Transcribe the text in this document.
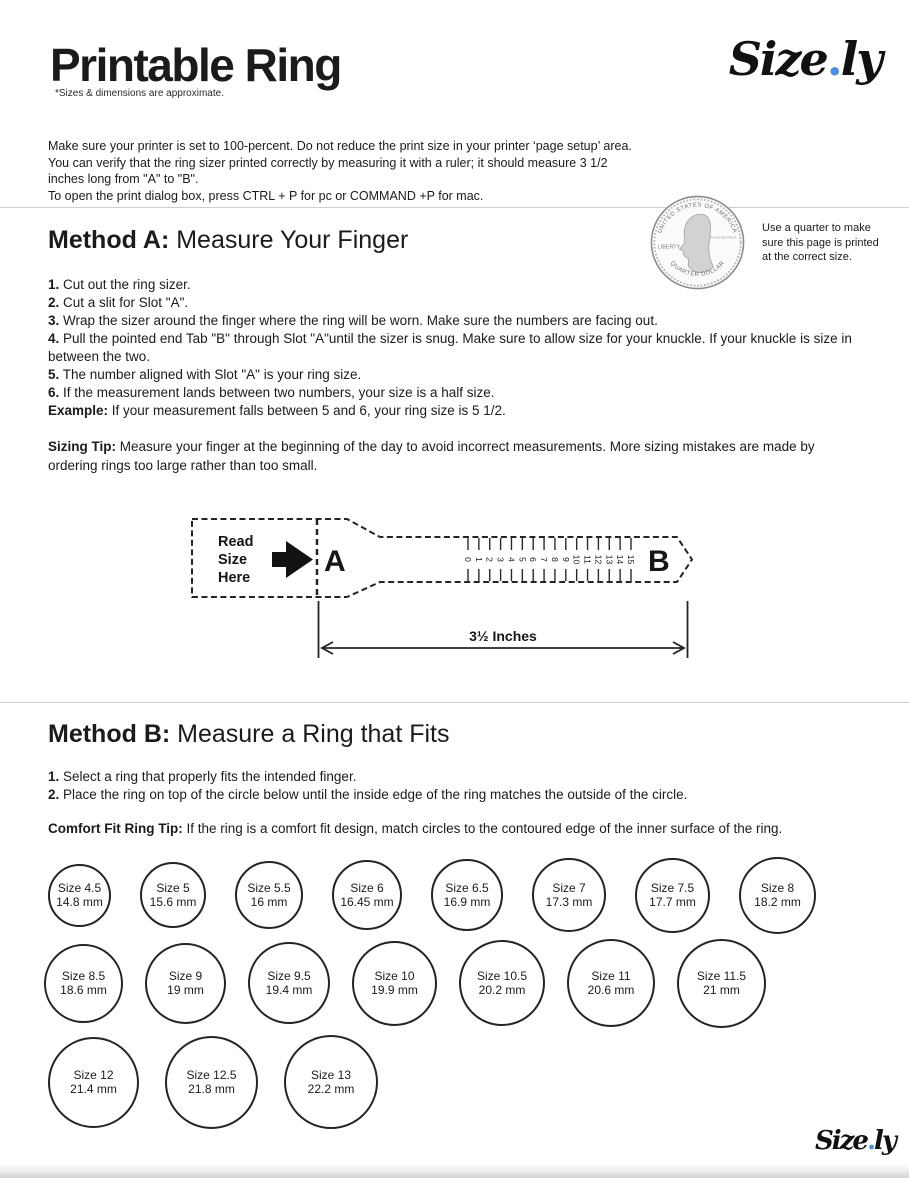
Printable Ring
*Sizes & dimensions are approximate.
Size.ly
Make sure your printer is set to 100-percent. Do not reduce the print size in your printer ‘page setup’ area. You can verify that the ring sizer printed correctly by measuring it with a ruler; it should measure 3 1/2 inches long from "A" to "B".
To open the print dialog box, press CTRL + P for pc or COMMAND +P for mac.
Method A: Measure Your Finger	UNITED STATES OF AMERICA
QUARTER DOLLAR
LIBERTY
IN GOD WE TRUST
Use a quarter to make sure this page is printed at the correct size.
1. Cut out the ring sizer.
2. Cut a slit for Slot "A".
3. Wrap the sizer around the finger where the ring will be worn. Make sure the numbers are facing out.
4. Pull the pointed end Tab "B" through Slot "A"until the sizer is snug. Make sure to allow size for your knuckle. If your knuckle is size in between the two.
5. The number aligned with Slot "A" is your ring size.
6. If the measurement lands between two numbers, your size is a half size.
Example: If your measurement falls between 5 and 6, your ring size is 5 1/2.
Sizing Tip: Measure your finger at the beginning of the day to avoid incorrect measurements. More sizing mistakes are made by ordering rings too large rather than too small.
Read
Size
Here A	B
0 1 2 3 4 5 6 7 8 9 10 11 12 13 14 15
3½ Inches
Method B: Measure a Ring that Fits
1. Select a ring that properly fits the intended finger.
2. Place the ring on top of the circle below until the inside edge of the ring matches the outside of the circle.
Comfort Fit Ring Tip: If the ring is a comfort fit design, match circles to the contoured edge of the inner surface of the ring.
Size 4.5
14.8 mm
Size 5
15.6 mm
Size 5.5
16 mm
Size 6
16.45 mm
Size 6.5
16.9 mm
Size 7
17.3 mm
Size 7.5
17.7 mm
Size 8
18.2 mm
Size 8.5
18.6 mm
Size 9
19 mm
Size 9.5
19.4 mm
Size 10
19.9 mm
Size 10.5
20.2 mm
Size 11
20.6 mm
Size 11.5
21 mm
Size 12
21.4 mm
Size 12.5
21.8 mm
Size 13
22.2 mm
Size.ly
